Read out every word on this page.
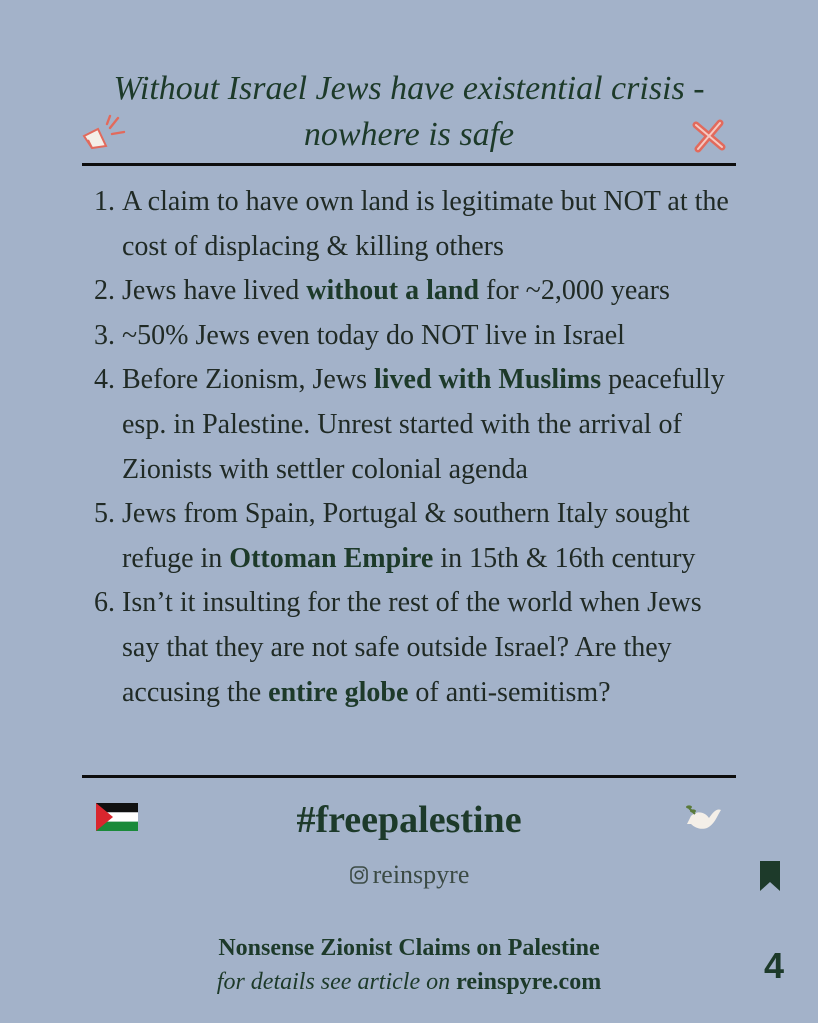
Without Israel Jews have existential crisis -
nowhere is safe
1. A claim to have own land is legitimate but NOT at the cost of displacing & killing others
2. Jews have lived without a land for ~2,000 years
3. ~50% Jews even today do NOT live in Israel
4. Before Zionism, Jews lived with Muslims peacefully esp. in Palestine. Unrest started with the arrival of Zionists with settler colonial agenda
5. Jews from Spain, Portugal & southern Italy sought refuge in Ottoman Empire in 15th & 16th century
6. Isn’t it insulting for the rest of the world when Jews say that they are not safe outside Israel? Are they accusing the entire globe of anti-semitism?
#freepalestine
reinspyre
Nonsense Zionist Claims on Palestine
for details see article on reinspyre.com	4
